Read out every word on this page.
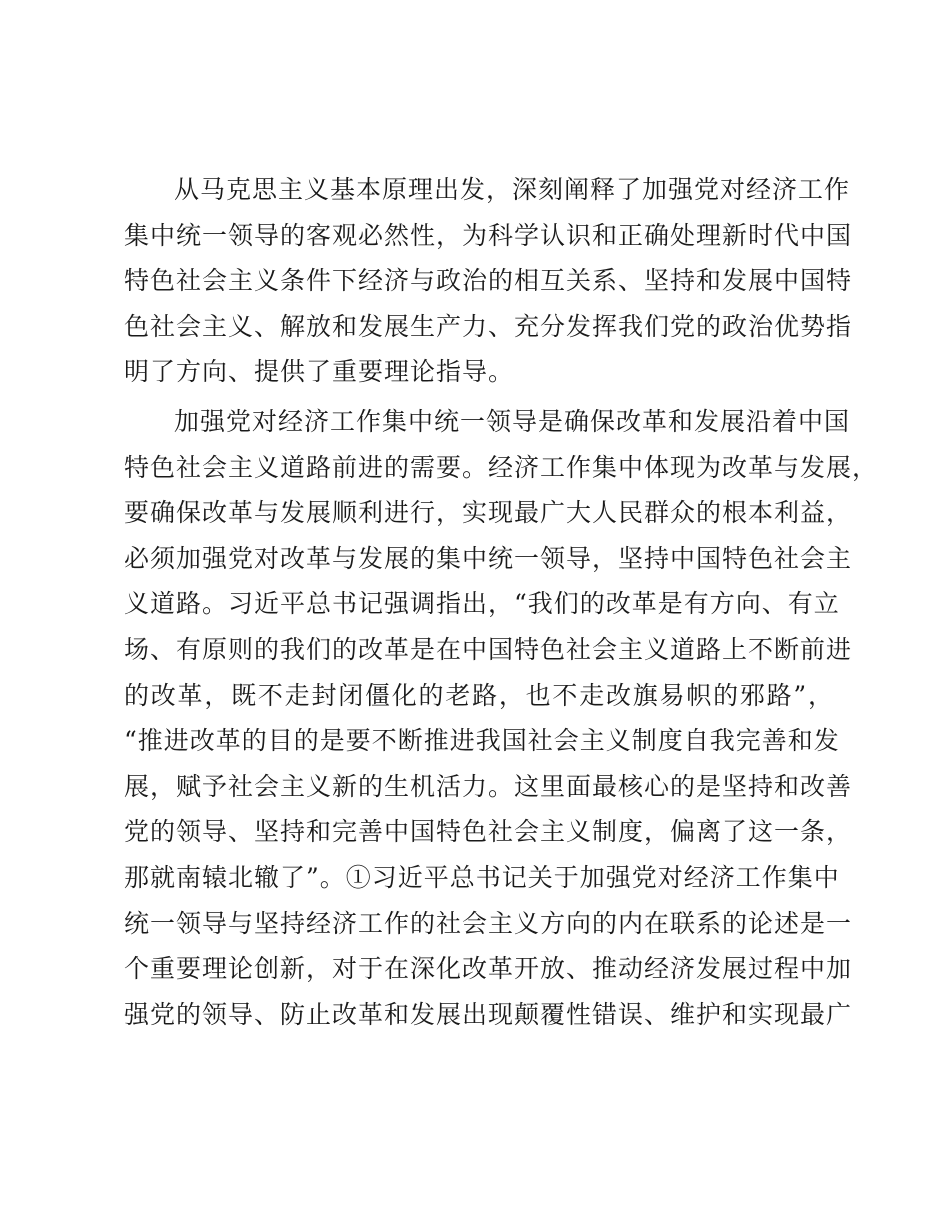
从马克思主义基本原理出发，深刻阐释了加强党对经济工作
集中统一领导的客观必然性，为科学认识和正确处理新时代中国
特色社会主义条件下经济与政治的相互关系、坚持和发展中国特
色社会主义、解放和发展生产力、充分发挥我们党的政治优势指
明了方向、提供了重要理论指导。
加强党对经济工作集中统一领导是确保改革和发展沿着中国
特色社会主义道路前进的需要。经济工作集中体现为改革与发展，
要确保改革与发展顺利进行，实现最广大人民群众的根本利益，
必须加强党对改革与发展的集中统一领导，坚持中国特色社会主
义道路。习近平总书记强调指出，“我们的改革是有方向、有立
场、有原则的我们的改革是在中国特色社会主义道路上不断前进
的改革，既不走封闭僵化的老路，也不走改旗易帜的邪路”，
“推进改革的目的是要不断推进我国社会主义制度自我完善和发
展，赋予社会主义新的生机活力。这里面最核心的是坚持和改善
党的领导、坚持和完善中国特色社会主义制度，偏离了这一条，
那就南辕北辙了”。①习近平总书记关于加强党对经济工作集中
统一领导与坚持经济工作的社会主义方向的内在联系的论述是一
个重要理论创新，对于在深化改革开放、推动经济发展过程中加
强党的领导、防止改革和发展出现颠覆性错误、维护和实现最广
